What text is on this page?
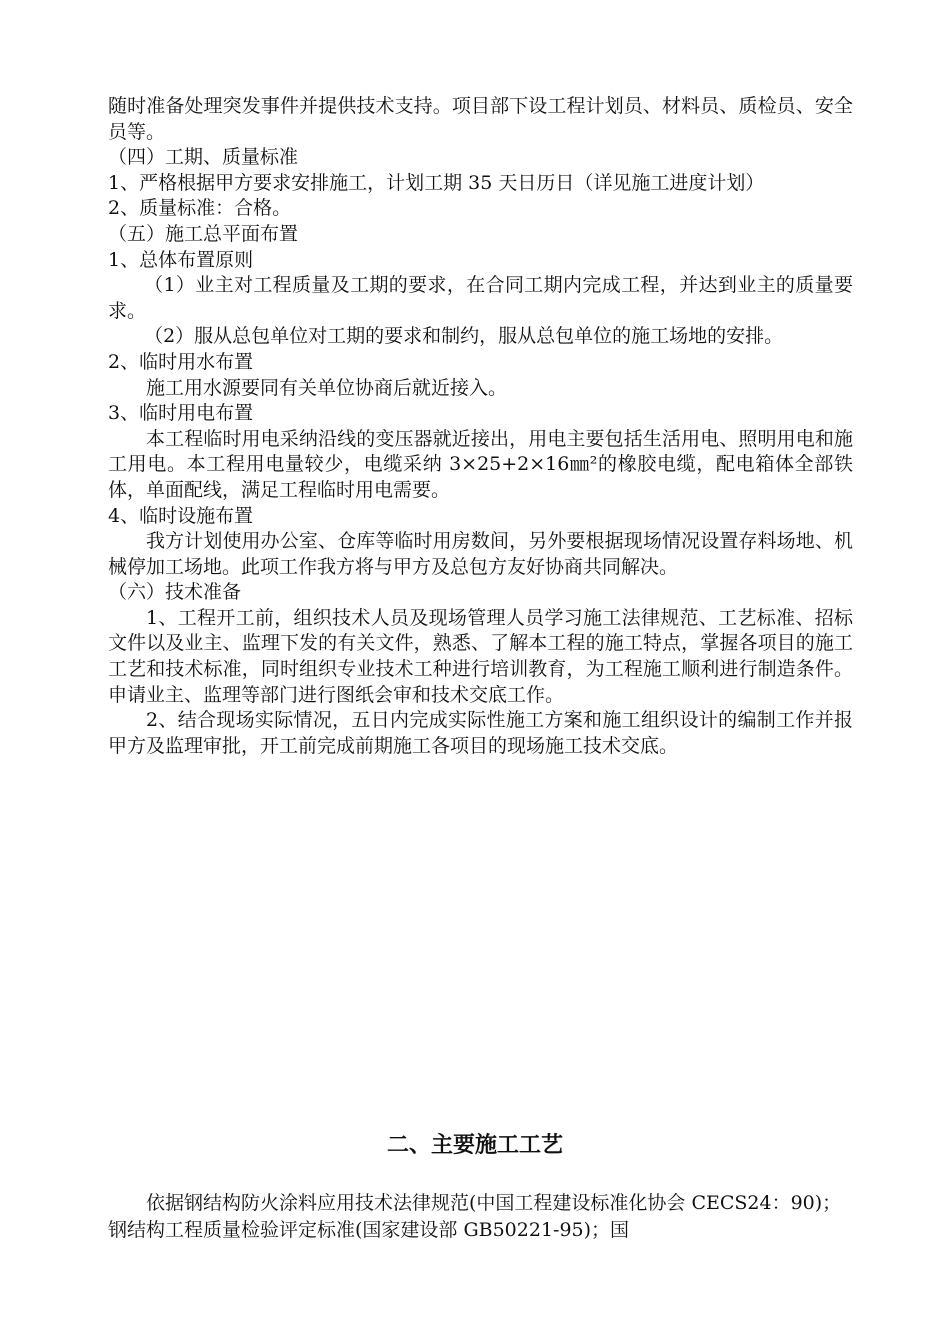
随时准备处理突发事件并提供技术支持。项目部下设工程计划员、材料员、质检员、安全员等。

（四）工期、质量标准

1、严格根据甲方要求安排施工，计划工期 35 天日历日（详见施工进度计划）

2、质量标准：合格。

（五）施工总平面布置

1、总体布置原则

（1）业主对工程质量及工期的要求，在合同工期内完成工程，并达到业主的质量要求。

（2）服从总包单位对工期的要求和制约，服从总包单位的施工场地的安排。

2、临时用水布置

施工用水源要同有关单位协商后就近接入。

3、临时用电布置

本工程临时用电采纳沿线的变压器就近接出，用电主要包括生活用电、照明用电和施工用电。本工程用电量较少，电缆采纳 3×25+2×16㎜²的橡胶电缆，配电箱体全部铁体，单面配线，满足工程临时用电需要。

4、临时设施布置

我方计划使用办公室、仓库等临时用房数间，另外要根据现场情况设置存料场地、机械停加工场地。此项工作我方将与甲方及总包方友好协商共同解决。

（六）技术准备

1、工程开工前，组织技术人员及现场管理人员学习施工法律规范、工艺标准、招标文件以及业主、监理下发的有关文件，熟悉、了解本工程的施工特点，掌握各项目的施工工艺和技术标准，同时组织专业技术工种进行培训教育，为工程施工顺利进行制造条件。申请业主、监理等部门进行图纸会审和技术交底工作。

2、结合现场实际情况，五日内完成实际性施工方案和施工组织设计的编制工作并报甲方及监理审批，开工前完成前期施工各项目的现场施工技术交底。

二、主要施工工艺

依据钢结构防火涂料应用技术法律规范(中国工程建设标准化协会 CECS24：90)；钢结构工程质量检验评定标准(国家建设部 GB50221-95)；国
